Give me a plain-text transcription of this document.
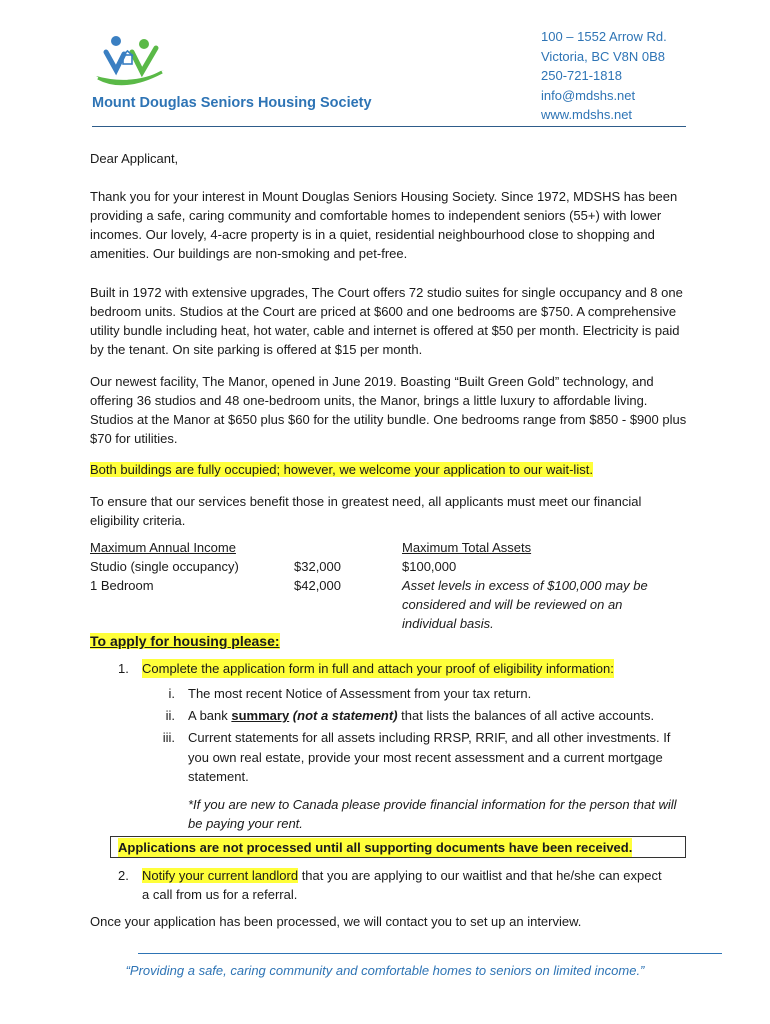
Mount Douglas Seniors Housing Society
100 – 1552 Arrow Rd.
Victoria, BC V8N 0B8
250-721-1818
info@mdshs.net
www.mdshs.net
Dear Applicant,

Thank you for your interest in Mount Douglas Seniors Housing Society. Since 1972, MDSHS has been providing a safe, caring community and comfortable homes to independent seniors (55+) with lower incomes. Our lovely, 4-acre property is in a quiet, residential neighbourhood close to shopping and amenities. Our buildings are non-smoking and pet-free.

Built in 1972 with extensive upgrades, The Court offers 72 studio suites for single occupancy and 8 one bedroom units. Studios at the Court are priced at $600 and one bedrooms are $750. A comprehensive utility bundle including heat, hot water, cable and internet is offered at $50 per month. Electricity is paid by the tenant. On site parking is offered at $15 per month.

Our newest facility, The Manor, opened in June 2019. Boasting “Built Green Gold” technology, and offering 36 studios and 48 one-bedroom units, the Manor, brings a little luxury to affordable living. Studios at the Manor at $650 plus $60 for the utility bundle. One bedrooms range from $850 - $900 plus $70 for utilities.

Both buildings are fully occupied; however, we welcome your application to our wait-list.
To ensure that our services benefit those in greatest need, all applicants must meet our financial eligibility criteria.
Maximum Annual Income
Studio (single occupancy)
1 Bedroom

$32,000
$42,000
Maximum Total Assets
$100,000
Asset levels in excess of $100,000 may be considered and will be reviewed on an individual basis.
To apply for housing please:
1. Complete the application form in full and attach your proof of eligibility information:
i. The most recent Notice of Assessment from your tax return.
ii. A bank summary (not a statement) that lists the balances of all active accounts.
iii. Current statements for all assets including RRSP, RRIF, and all other investments. If you own real estate, provide your most recent assessment and a current mortgage statement.
*If you are new to Canada please provide financial information for the person that will be paying your rent.
Applications are not processed until all supporting documents have been received.
2. Notify your current landlord that you are applying to our waitlist and that he/she can expect a call from us for a referral.
Once your application has been processed, we will contact you to set up an interview.
“Providing a safe, caring community and comfortable homes to seniors on limited income.”
